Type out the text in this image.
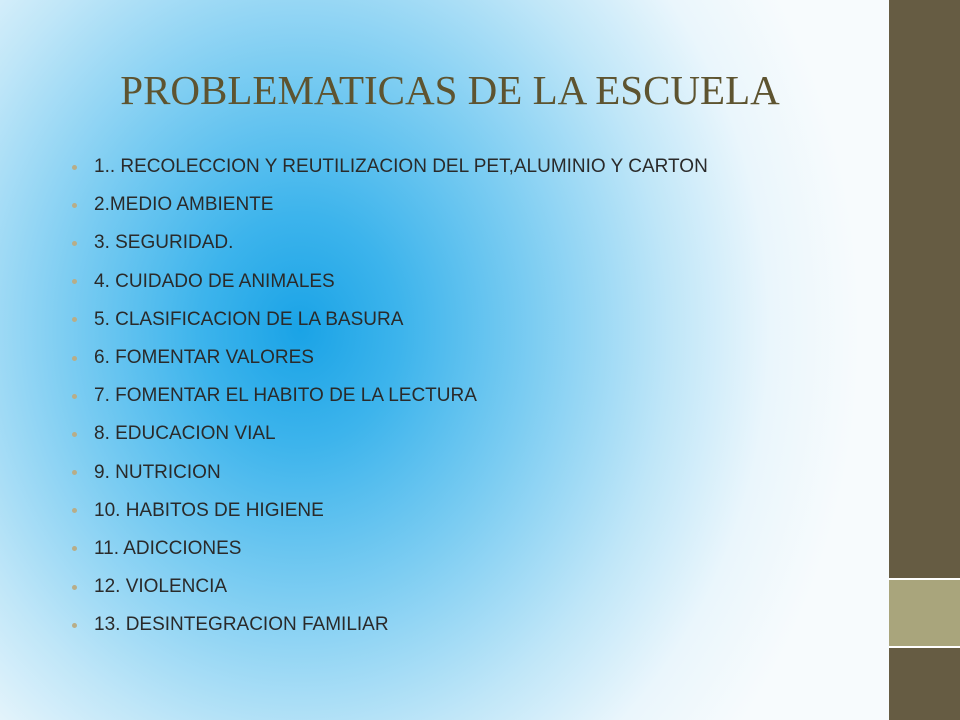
PROBLEMATICAS DE LA ESCUELA
1.. RECOLECCION Y REUTILIZACION DEL PET,ALUMINIO Y CARTON
2.MEDIO AMBIENTE
3. SEGURIDAD.
4. CUIDADO DE ANIMALES
5. CLASIFICACION DE LA BASURA
6. FOMENTAR VALORES
7. FOMENTAR EL HABITO DE LA LECTURA
8. EDUCACION VIAL
9. NUTRICION
10. HABITOS DE HIGIENE
11. ADICCIONES
12. VIOLENCIA
13. DESINTEGRACION FAMILIAR
